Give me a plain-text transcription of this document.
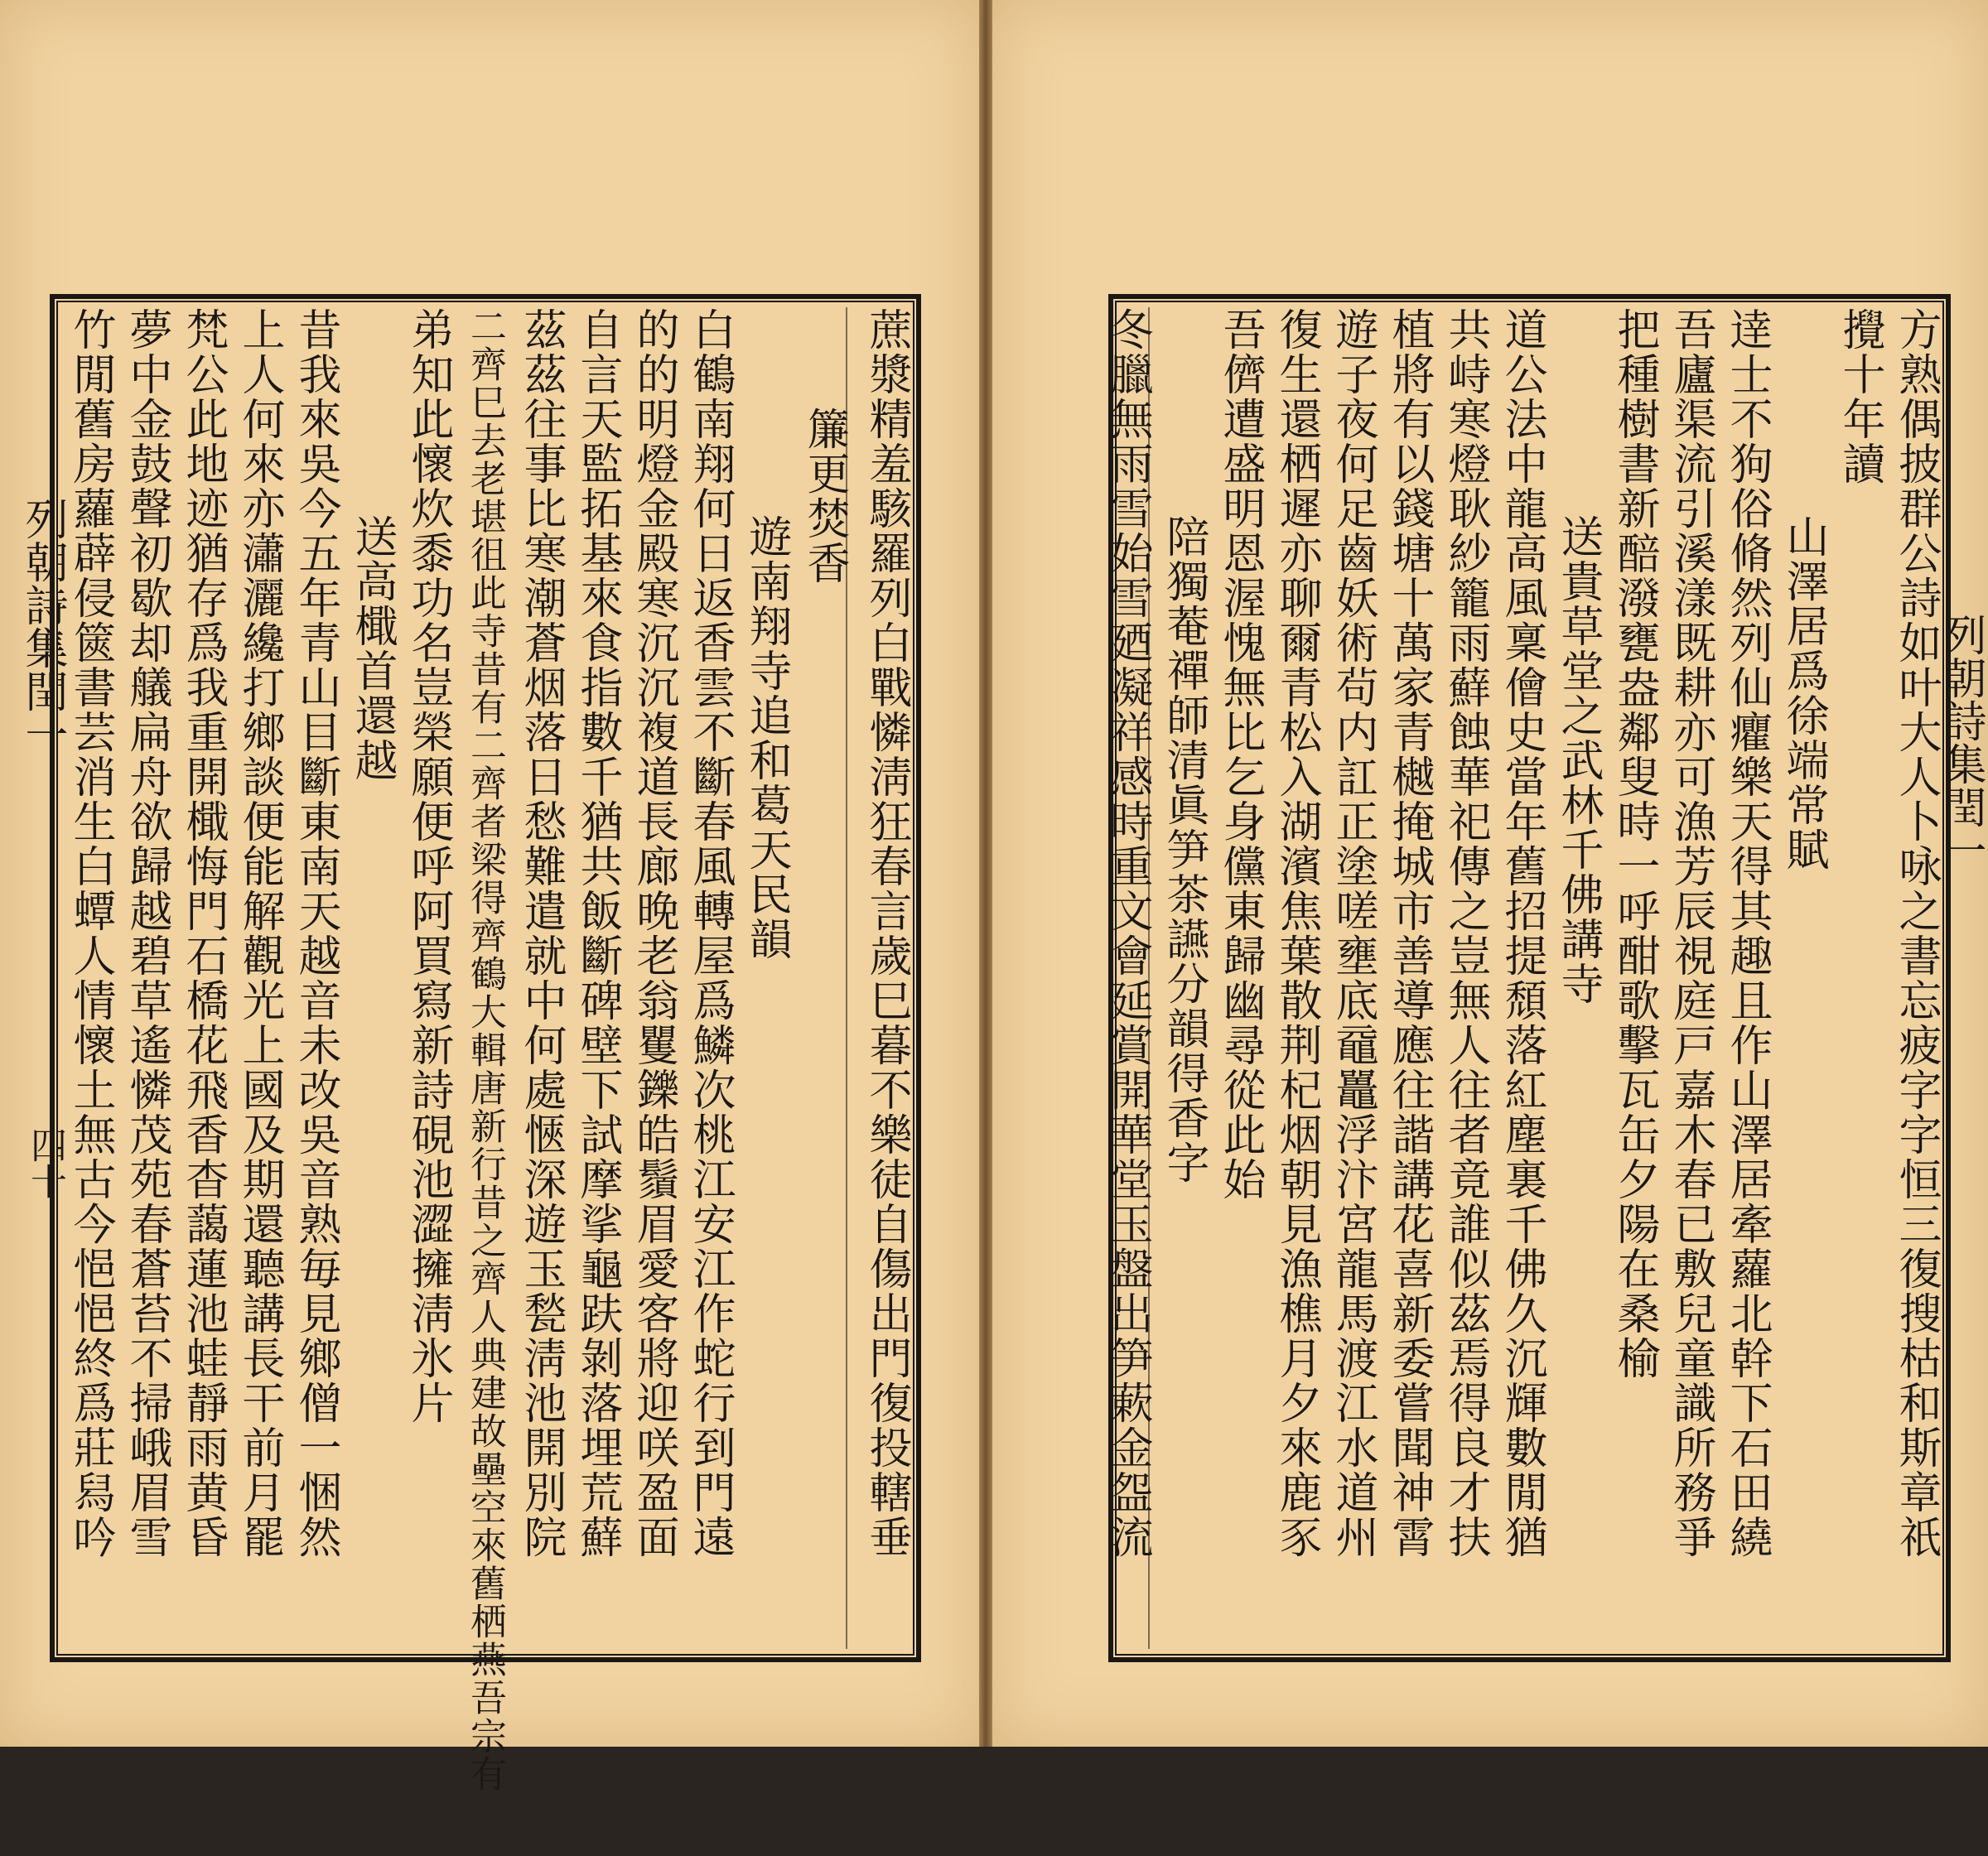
列朝詩集閏一
四十	蔗漿精羞駭羅列白戰憐淸狂春言歲巳暮不樂徒自傷出門復投轄垂
簾更焚香
遊南翔寺追和葛天民韻
白鶴南翔何日返香雲不斷春風轉屋爲鱗次桃江安江作蛇行到門遠
的的明燈金殿寒沉沉複道長廊晚老翁矍鑠皓鬚眉愛客將迎咲盈面
自言天監拓基來食指數千猶共飯斷碑壁下試摩挲龜趺剝落埋荒蘚
茲茲往事比寒潮蒼烟落日愁難遣就中何處愜深遊玉甃淸池開別院
二齊巳去老堪徂此寺昔有二齊者梁得齊鶴大輯唐新行昔之齊人典建故壘空來舊栖燕吾宗有
弟知此懷炊黍功名豈榮願便呼阿買寫新詩硯池澀擁淸氷片
送高檝首還越
昔我來吳今五年青山目斷東南天越音未改吳音熟毎見鄉僧一悃然
上人何來亦瀟灑纔打鄉談便能解觀光上國及期還聽講長干前月罷
梵公此地迹猶存爲我重開檝悔門石橋花飛香杳藹蓮池蛙靜雨黄昏
夢中金鼓聲初歇却艤扁舟欲歸越碧草遙憐茂苑春蒼苔不掃峨眉雪
竹閒舊房蘿薜侵篋書芸消生白蟫人情懷土無古今悒悒終爲莊舄吟	列朝詩集閏一
方熟偶披群公詩如叶大人卜咏之書忘疲字字恒三復搜枯和斯章祇
攪十年讀
山澤居爲徐端常賦
逹士不狗俗脩然列仙癯樂天得其趣且作山澤居牽蘿北幹下石田繞
吾廬渠流引溪漾既耕亦可漁芳辰視庭戸嘉木春已敷兒童識所務爭
把種樹書新醅潑甕盎鄰叟時一呼酣歌擊瓦缶夕陽在桑榆
送貴草堂之武林千佛講寺
道公法中龍高風稟儈史當年舊招提頹落紅塵裏千佛久沉輝數閒猶
共峙寒燈耿紗籠雨蘚蝕華祀傳之豈無人往者竟誰似茲焉得良才扶
植將有以錢塘十萬家青樾掩城市善導應往諧講花喜新委嘗聞神霄
遊子夜何足齒妖術茍内訌正塗嗟壅底黿鼉浮汴宮龍馬渡江水道州
復生還栖遲亦聊爾青松入湖濱焦葉散荆杞烟朝見漁樵月夕來鹿豕
吾儕遭盛明恩渥愧無比乞身儻東歸幽尋從此始
陪獨菴禪師清眞笋茶讌分韻得香字
冬臘無雨雪始雪廼凝祥感時重文會延賞開華堂玉盤出笋蔌金盌流
